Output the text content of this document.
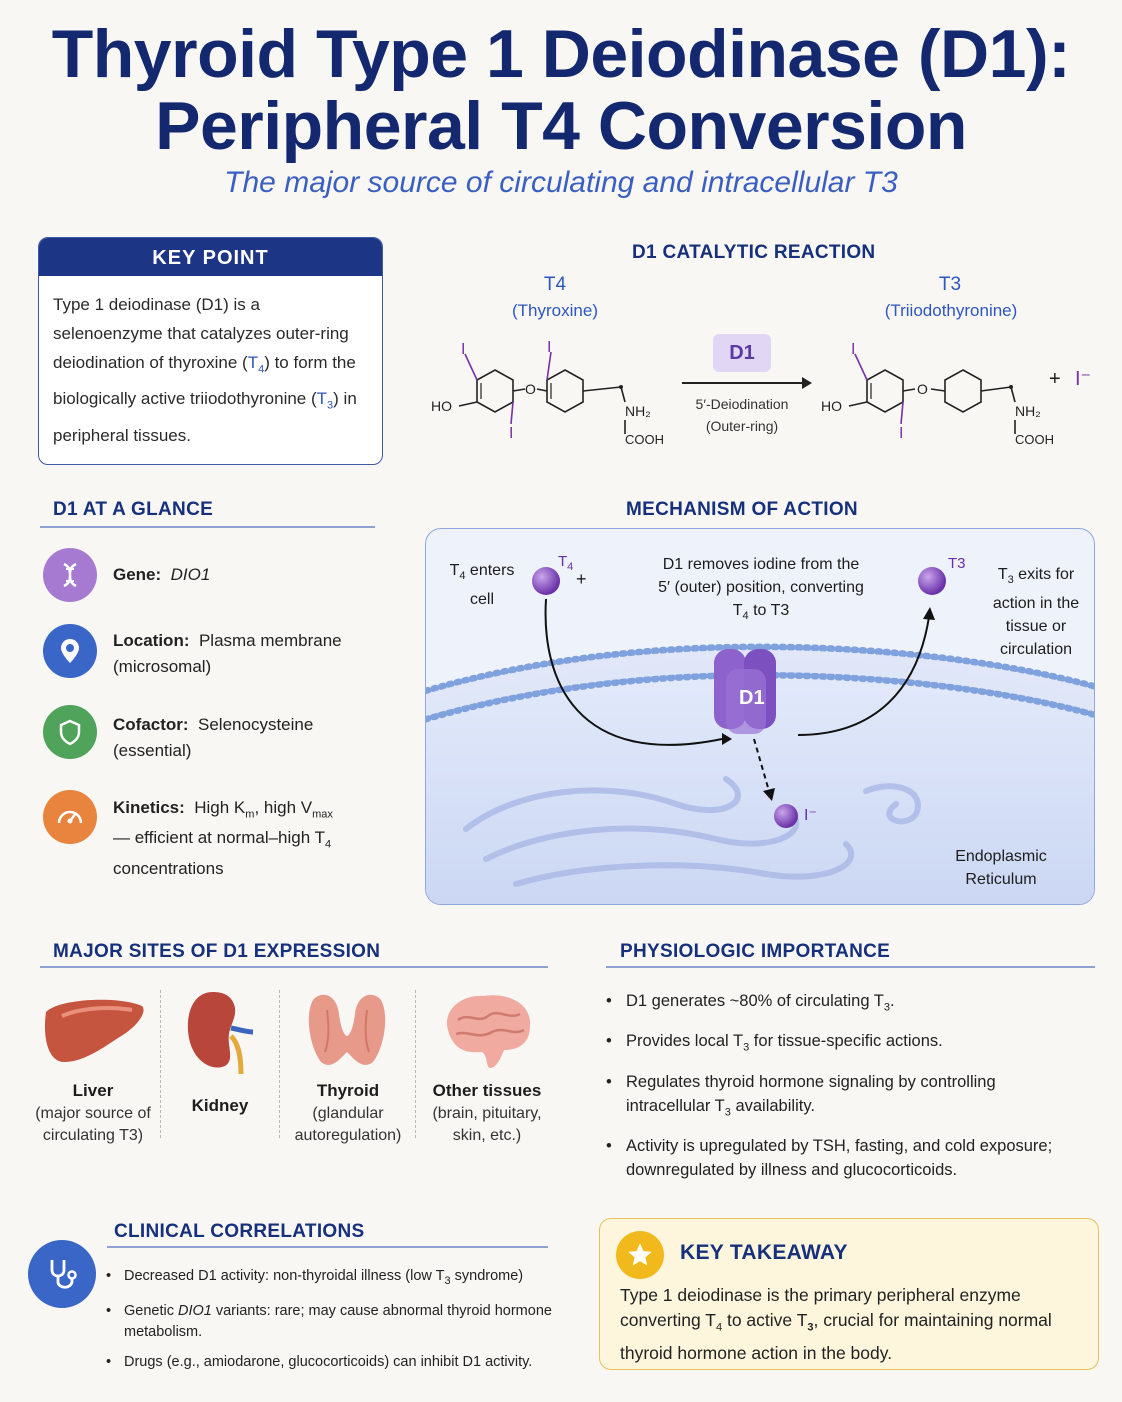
Thyroid Type 1 Deiodinase (D1):
Peripheral T4 Conversion
The major source of circulating and intracellular T3
KEY POINT
Type 1 deiodinase (D1) is a selenoenzyme that catalyzes outer-ring deiodination of thyroxine $(T_4)$ to form the biologically active triiodothyronine $(T_3)$ in peripheral tissues.
D1 CATALYTIC REACTION
T4
(Thyroxine)
T3
(Triiodothyronine)
I	I
I
O
HO	NH₂
COOH
D1
5′-Deiodination
(Outer-ring)
I
I
O
HO	NH₂
COOH
+ I⁻
D1 AT A GLANCE
Gene: DIO1
Location: Plasma membrane
(microsomal)
Cofactor: Selenocysteine
(essential)
Kinetics: High $K_m$, high $V_{max}$
— efficient at normal–high $T_4$
concentrations
MECHANISM OF ACTION
D1
$T_4$ enters
cell
$T_4$
+
D1 removes iodine from the
5′ (outer) position, converting
$T_4$ to T3
T3
$T_3$ exits for
action in the
tissue or
circulation
I⁻
Endoplasmic
Reticulum
MAJOR SITES OF D1 EXPRESSION
Liver
(major source of
circulating T3)
Kidney
Thyroid
(glandular
autoregulation)
Other tissues
(brain, pituitary,
skin, etc.)
PHYSIOLOGIC IMPORTANCE
• D1 generates ~80% of circulating $T_3$.
• Provides local $T_3$ for tissue-specific actions.
• Regulates thyroid hormone signaling by controlling intracellular $T_3$ availability.
• Activity is upregulated by TSH, fasting, and cold exposure; downregulated by illness and glucocorticoids.
CLINICAL CORRELATIONS
• Decreased D1 activity: non-thyroidal illness (low $T_3$ syndrome)
• Genetic DIO1 variants: rare; may cause abnormal thyroid hormone metabolism.
• Drugs (e.g., amiodarone, glucocorticoids) can inhibit D1 activity.
KEY TAKEAWAY
Type 1 deiodinase is the primary peripheral enzyme converting $T_4$ to active $T_3$, crucial for maintaining normal thyroid hormone action in the body.
